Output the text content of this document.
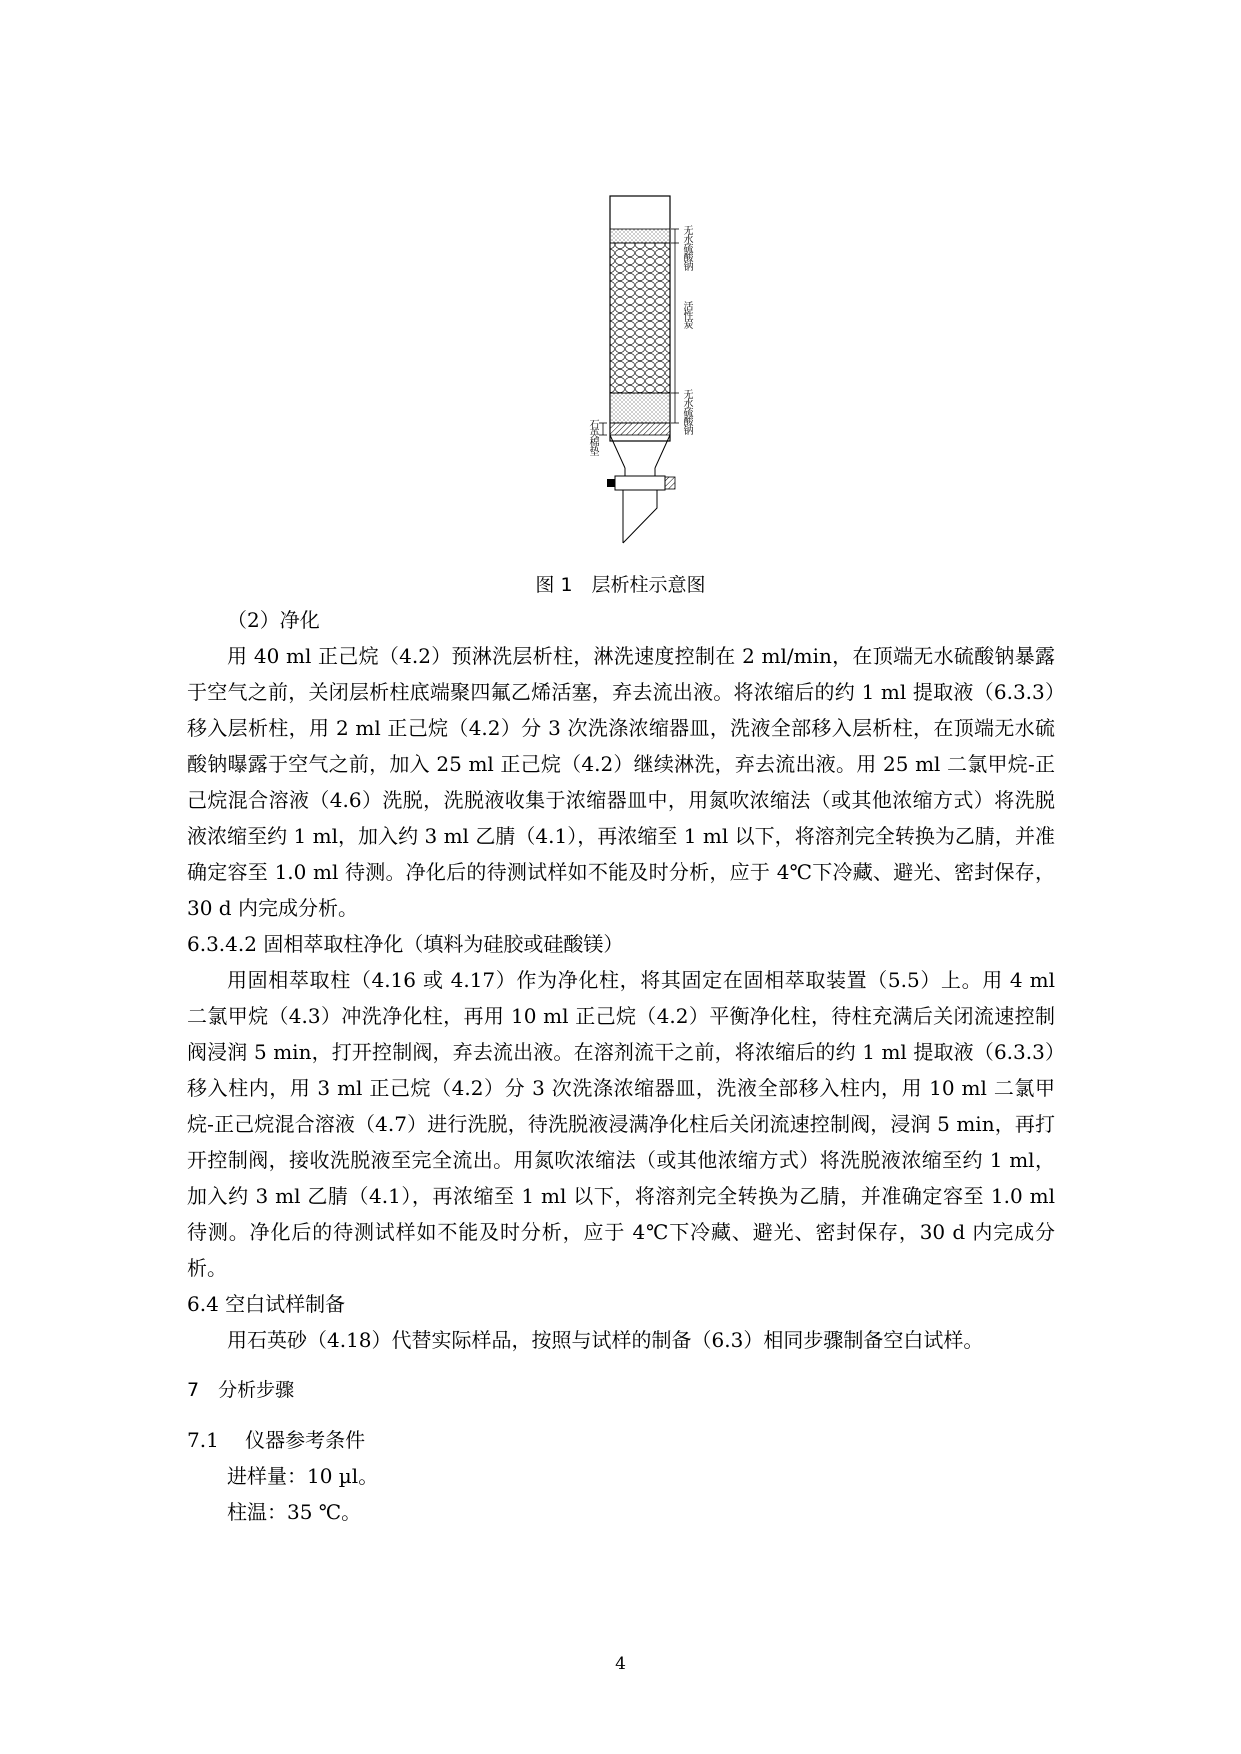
无水硫酸钠
活性炭
无水硫酸钠
石英棉垫
图 1　层析柱示意图

（2）净化

用 40 ml 正己烷（4.2）预淋洗层析柱，淋洗速度控制在 2 ml/min，在顶端无水硫酸钠暴露于空气之前，关闭层析柱底端聚四氟乙烯活塞，弃去流出液。将浓缩后的约 1 ml 提取液（6.3.3）移入层析柱，用 2 ml 正己烷（4.2）分 3 次洗涤浓缩器皿，洗液全部移入层析柱，在顶端无水硫酸钠曝露于空气之前，加入 25 ml 正己烷（4.2）继续淋洗，弃去流出液。用 25 ml 二氯甲烷-正己烷混合溶液（4.6）洗脱，洗脱液收集于浓缩器皿中，用氮吹浓缩法（或其他浓缩方式）将洗脱液浓缩至约 1 ml，加入约 3 ml 乙腈（4.1），再浓缩至 1 ml 以下，将溶剂完全转换为乙腈，并准确定容至 1.0 ml 待测。净化后的待测试样如不能及时分析，应于 4℃下冷藏、避光、密封保存，30 d 内完成分析。

6.3.4.2 固相萃取柱净化（填料为硅胶或硅酸镁）

用固相萃取柱（4.16 或 4.17）作为净化柱，将其固定在固相萃取装置（5.5）上。用 4 ml 二氯甲烷（4.3）冲洗净化柱，再用 10 ml 正己烷（4.2）平衡净化柱，待柱充满后关闭流速控制阀浸润 5 min，打开控制阀，弃去流出液。在溶剂流干之前，将浓缩后的约 1 ml 提取液（6.3.3）移入柱内，用 3 ml 正己烷（4.2）分 3 次洗涤浓缩器皿，洗液全部移入柱内，用 10 ml 二氯甲烷-正己烷混合溶液（4.7）进行洗脱，待洗脱液浸满净化柱后关闭流速控制阀，浸润 5 min，再打开控制阀，接收洗脱液至完全流出。用氮吹浓缩法（或其他浓缩方式）将洗脱液浓缩至约 1 ml，加入约 3 ml 乙腈（4.1），再浓缩至 1 ml 以下，将溶剂完全转换为乙腈，并准确定容至 1.0 ml 待测。净化后的待测试样如不能及时分析，应于 4℃下冷藏、避光、密封保存，30 d 内完成分析。

6.4 空白试样制备

用石英砂（4.18）代替实际样品，按照与试样的制备（6.3）相同步骤制备空白试样。

7　分析步骤

7.1　 仪器参考条件

进样量：10 µl。

柱温：35 ℃。

4
